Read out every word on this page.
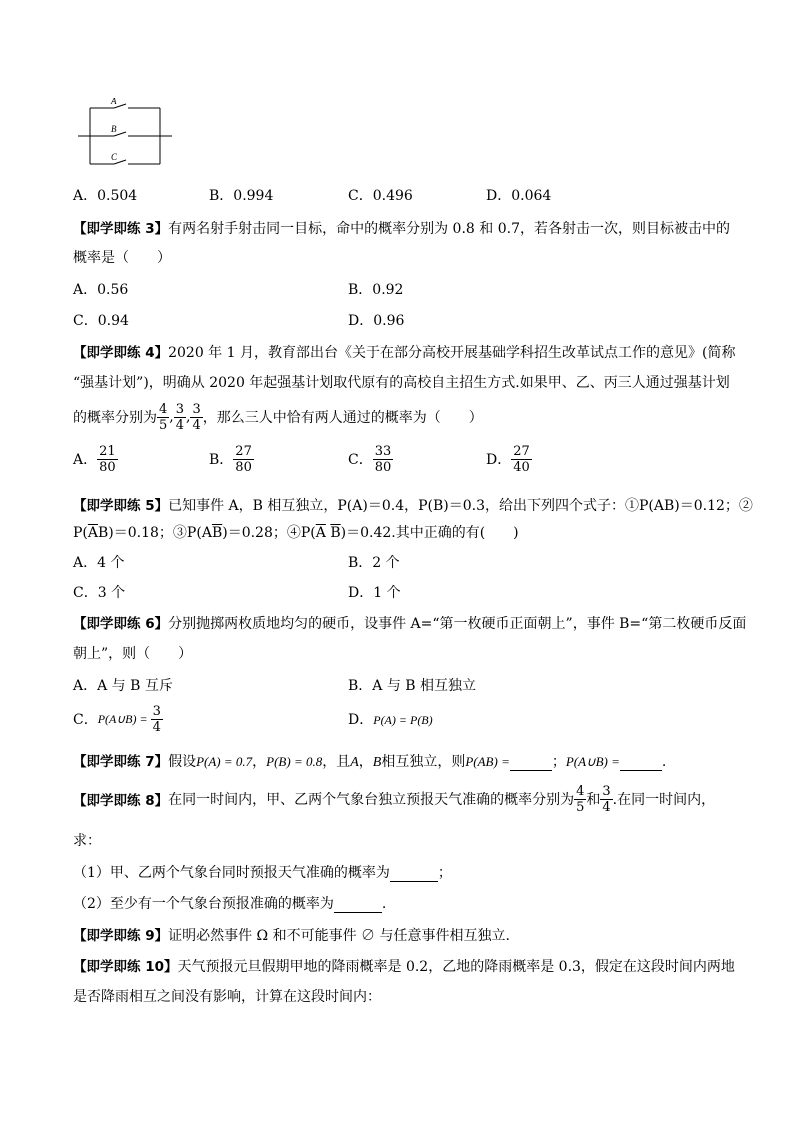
A
B
C
A．0.504	B．0.994	C．0.496	D．0.064
【即学即练 3】有两名射手射击同一目标，命中的概率分别为 0.8 和 0.7，若各射击一次，则目标被击中的
概率是（　　）
A．0.56	B．0.92
C．0.94	D．0.96
【即学即练 4】2020 年 1 月，教育部出台《关于在部分高校开展基础学科招生改革试点工作的意见》(简称
“强基计划”)，明确从 2020 年起强基计划取代原有的高校自主招生方式.如果甲、乙、丙三人通过强基计划
的概率分别为 $\frac{4}{5}$ , $\frac{3}{4}$ , $\frac{3}{4}$ ，那么三人中恰有两人通过的概率为（　　）
A． $\frac{21}{80}$	B． $\frac{27}{80}$	C． $\frac{33}{80}$	D． $\frac{27}{40}$
【即学即练 5】已知事件 A，B 相互独立，P(A)＝0.4，P(B)＝0.3，给出下列四个式子：①P(AB)＝0.12；②
$P(\overline{A}B)=0.18$；$③P(A\overline{B})=0.28$；$④P(\overline{A}$ $\overline{B})=0.42$.其中正确的有(　　)
A．4 个	B．2 个
C．3 个	D．1 个
【即学即练 6】分别抛掷两枚质地均匀的硬币，设事件 A=“第一枚硬币正面朝上”，事件 B=“第二枚硬币反面
朝上”，则（　　）
A．A 与 B 互斥	B．A 与 B 相互独立
C． P(A∪B) = $\frac{3}{4}$	D．P(A) = P(B)
【即学即练 7】假设P(A) = 0.7，P(B) = 0.8，且A，B相互独立，则P(AB) =	；P(A∪B) =	.
【即学即练 8】 在同一时间内，甲、乙两个气象台独立预报天气准确的概率分别为 $\frac{4}{5}$ 和 $\frac{3}{4}$ .在同一时间内，
求：
（1）甲、乙两个气象台同时预报天气准确的概率为	；
（2）至少有一个气象台预报准确的概率为	.
【即学即练 9】证明必然事件 Ω 和不可能事件 ∅ 与任意事件相互独立.
【即学即练 10】天气预报元旦假期甲地的降雨概率是 0.2，乙地的降雨概率是 0.3，假定在这段时间内两地
是否降雨相互之间没有影响，计算在这段时间内：
